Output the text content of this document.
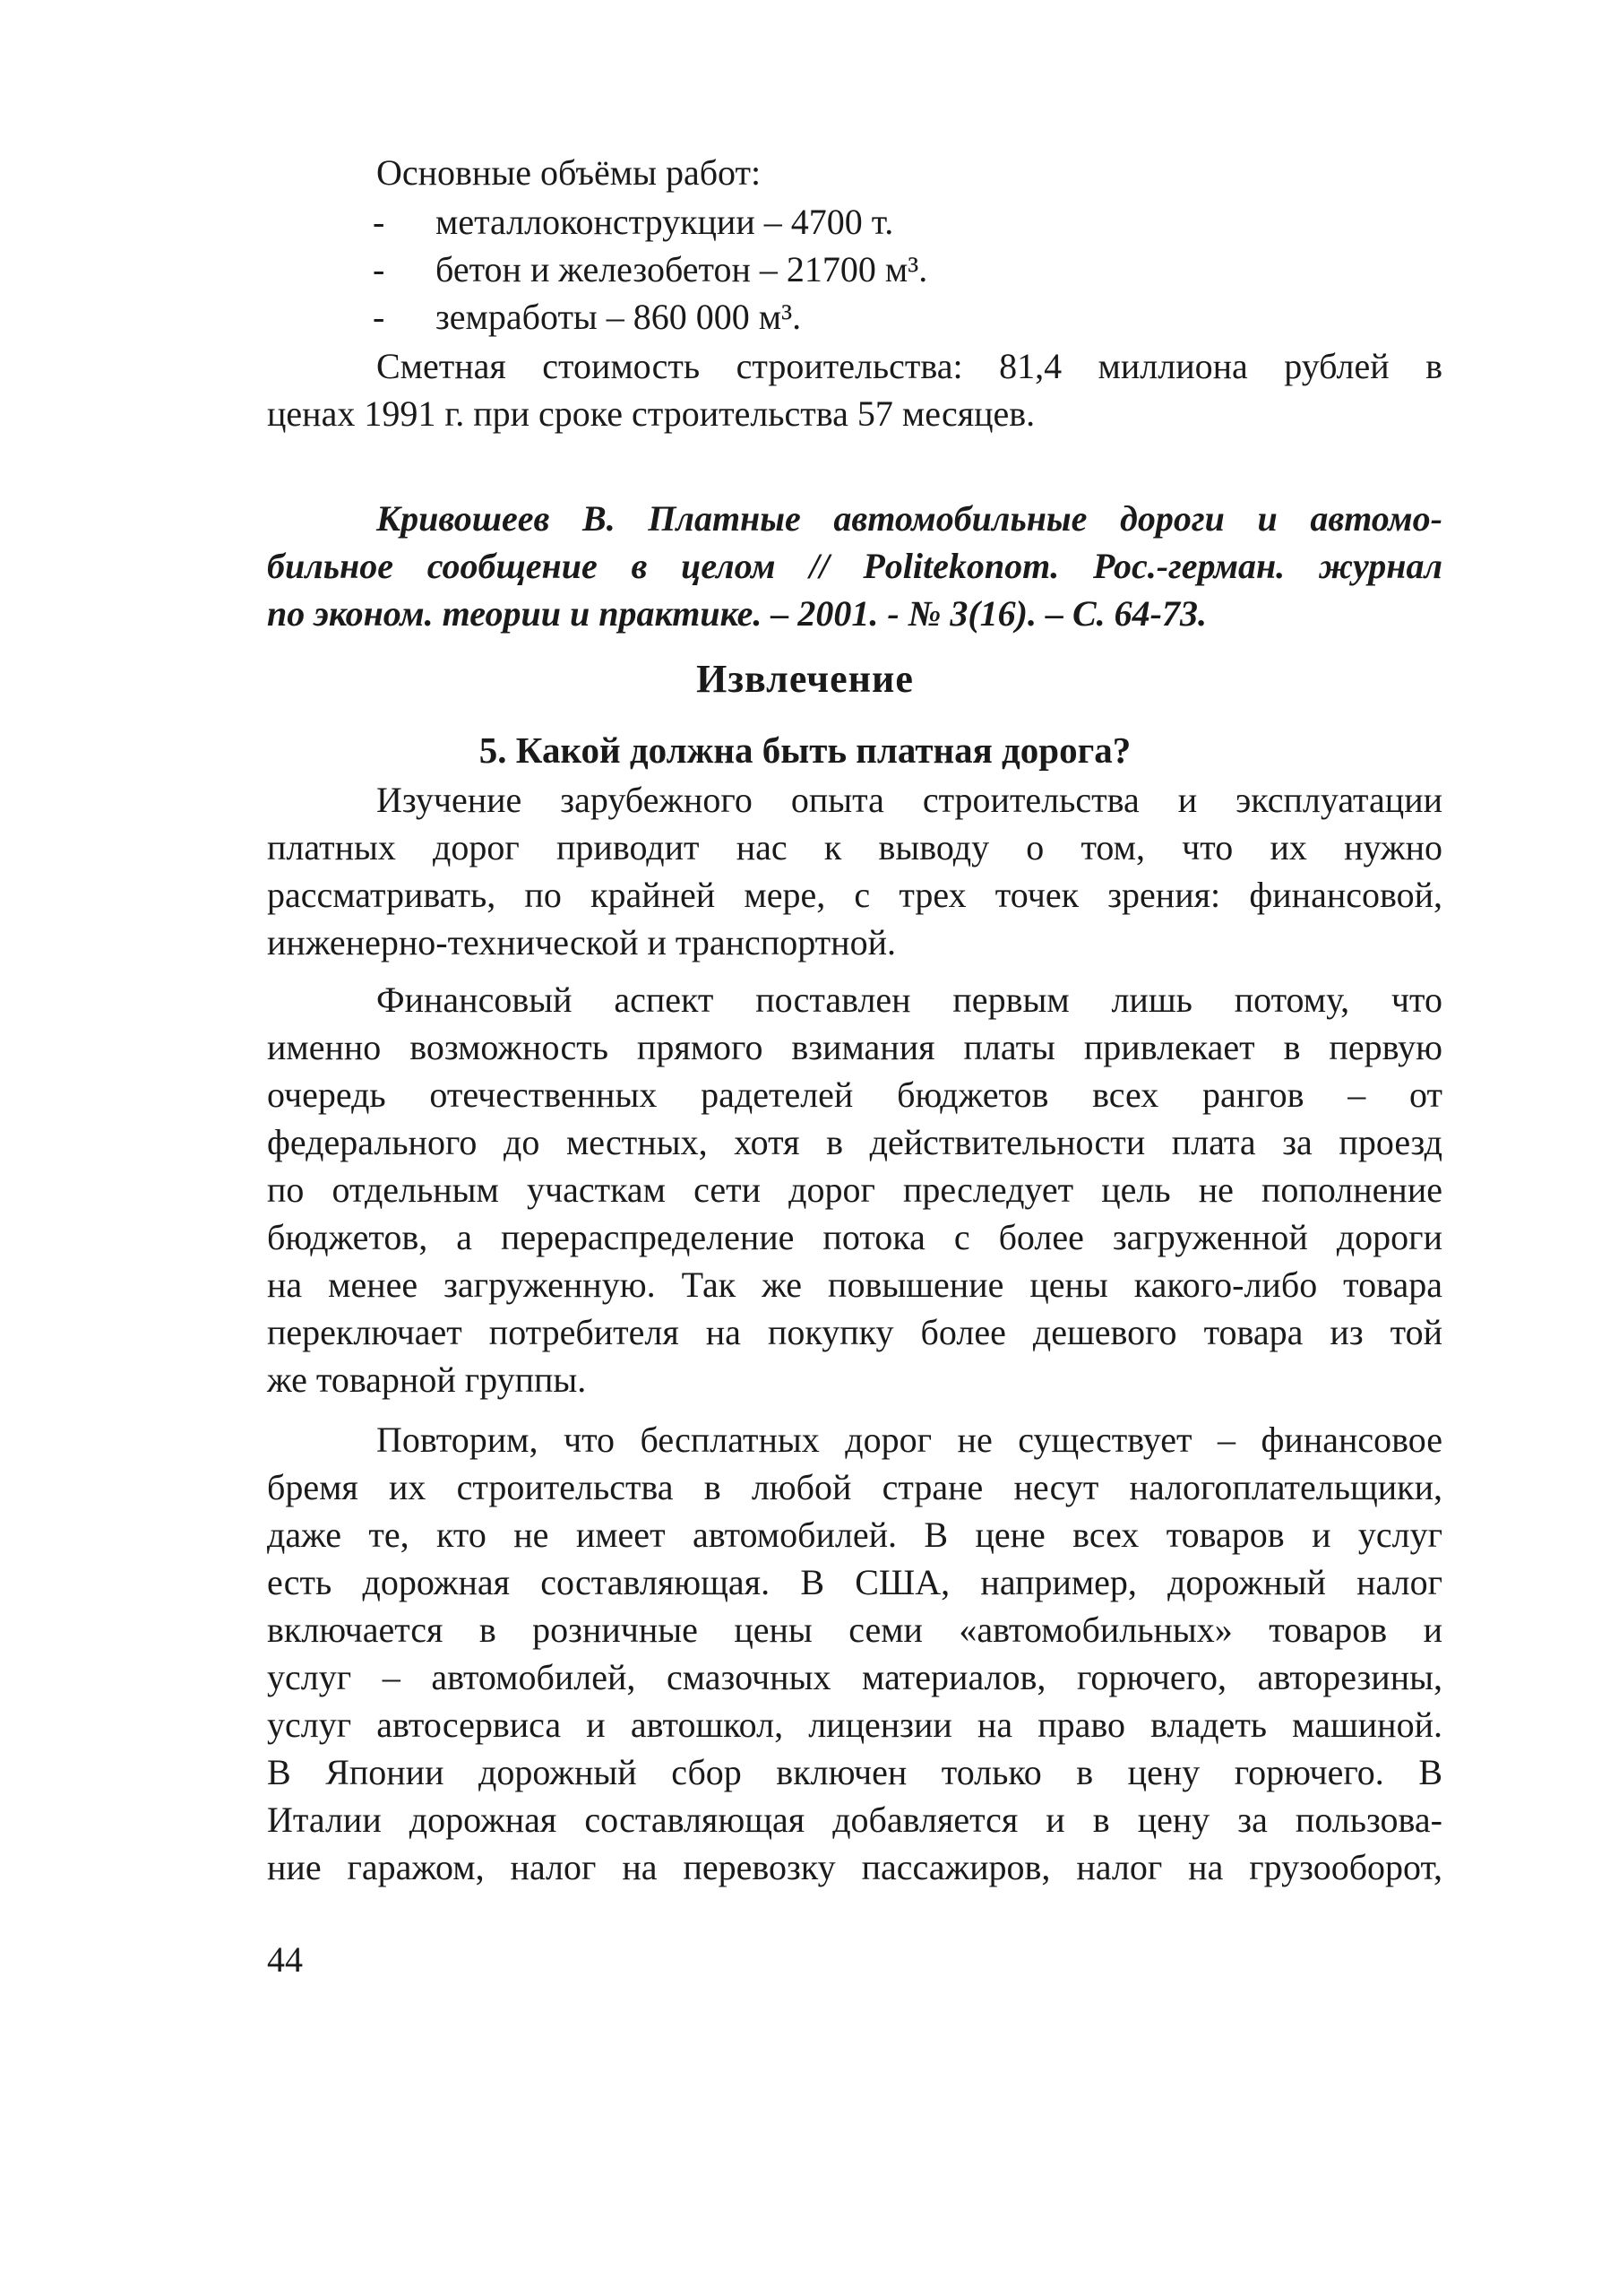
Основные объёмы работ:

- металлоконструкции – 4700 т.
- бетон и железобетон – 21700 м³.
- земработы – 860 000 м³.

Сметная стоимость строительства: 81,4 миллиона рублей в

ценах 1991 г. при сроке строительства 57 месяцев.

Кривошеев В. Платные автомобильные дороги и автомо-

бильное сообщение в целом // Politekonom. Рос.-герман. журнал

по эконом. теории и практике. – 2001. - № 3(16). – С. 64-73.

Извлечение
5. Какой должна быть платная дорога?

Изучение зарубежного опыта строительства и эксплуатации

платных дорог приводит нас к выводу о том, что их нужно

рассматривать, по крайней мере, с трех точек зрения: финансовой,

инженерно-технической и транспортной.

Финансовый аспект поставлен первым лишь потому, что

именно возможность прямого взимания платы привлекает в первую

очередь отечественных радетелей бюджетов всех рангов – от

федерального до местных, хотя в действительности плата за проезд

по отдельным участкам сети дорог преследует цель не пополнение

бюджетов, а перераспределение потока с более загруженной дороги

на менее загруженную. Так же повышение цены какого-либо товара

переключает потребителя на покупку более дешевого товара из той

же товарной группы.

Повторим, что бесплатных дорог не существует – финансовое

бремя их строительства в любой стране несут налогоплательщики,

даже те, кто не имеет автомобилей. В цене всех товаров и услуг

есть дорожная составляющая. В США, например, дорожный налог

включается в розничные цены семи «автомобильных» товаров и

услуг – автомобилей, смазочных материалов, горючего, авторезины,

услуг автосервиса и автошкол, лицензии на право владеть машиной.

В Японии дорожный сбор включен только в цену горючего. В

Италии дорожная составляющая добавляется и в цену за пользова-

ние гаражом, налог на перевозку пассажиров, налог на грузооборот,

44
